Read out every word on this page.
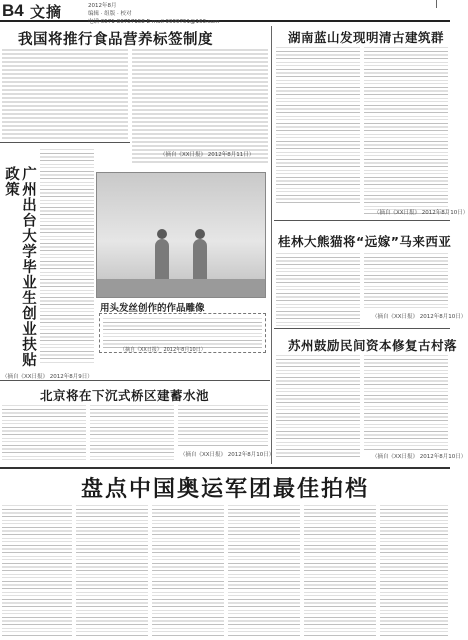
B4 文摘	2012年8月
编辑 · 组版 · 校对
电话 0571-86757158 E-mail 9999751@163.com
我国将推行食品营养标签制度
（摘自《XX日报》 2012年8月11日）
湖南蓝山发现明清古建筑群
（摘自《XX日报》 2012年8月10日）
广州出台大学毕业生创业扶贴政策
（摘自《XX日报》 2012年8月9日）
用头发丝创作的作品雕像
（摘自《XX日报》 2012年8月10日）
桂林大熊猫将“远嫁”马来西亚
（摘自《XX日报》 2012年8月10日）
苏州鼓励民间资本修复古村落
（摘自《XX日报》 2012年8月10日）
北京将在下沉式桥区建蓄水池
（摘自《XX日报》 2012年8月10日）
盘点中国奥运军团最佳拍档
